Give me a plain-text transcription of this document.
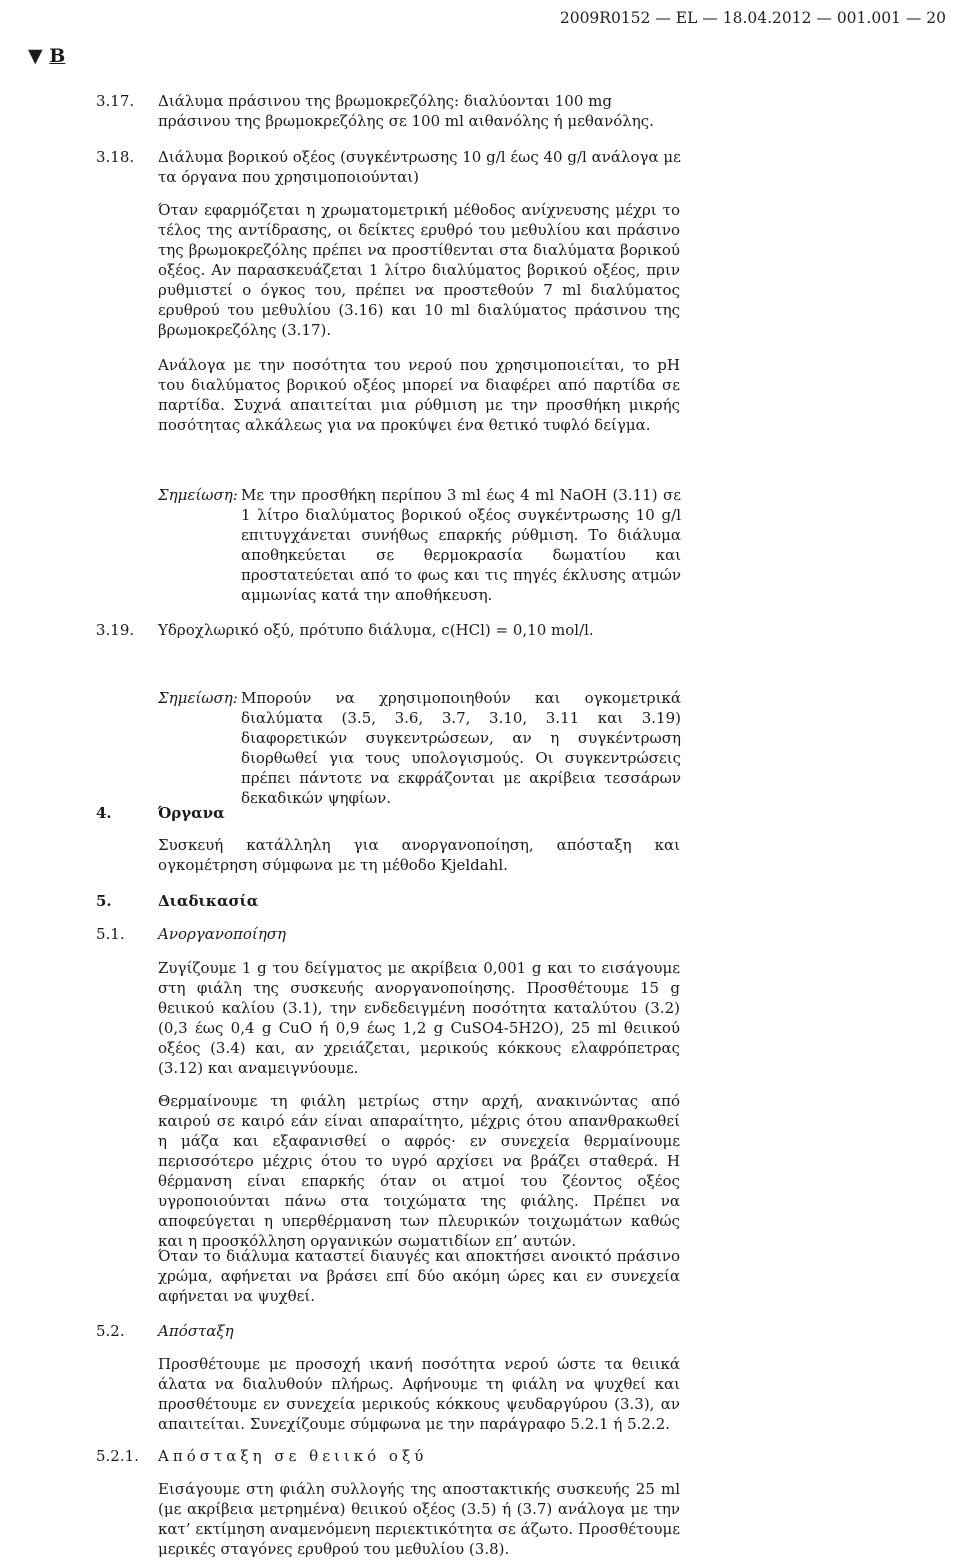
2009R0152 — EL — 18.04.2012 — 001.001 — 20
▼ B
3.17. Διάλυμα πράσινου της βρωμοκρεζόλης: διαλύονται 100 mg πράσινου της βρωμοκρεζόλης σε 100 ml αιθανόλης ή μεθανόλης.
3.18. Διάλυμα βορικού οξέος (συγκέντρωσης 10 g/l έως 40 g/l ανάλογα με τα όργανα που χρησιμοποιούνται)
Όταν εφαρμόζεται η χρωματομετρική μέθοδος ανίχνευσης μέχρι το τέλος της αντίδρασης, οι δείκτες ερυθρό του μεθυλίου και πράσινο της βρωμοκρεζόλης πρέπει να προστίθενται στα διαλύματα βορικού οξέος. Αν παρασκευάζεται 1 λίτρο διαλύματος βορικού οξέος, πριν ρυθμιστεί ο όγκος του, πρέπει να προστεθούν 7 ml διαλύματος ερυθρού του μεθυλίου (3.16) και 10 ml διαλύματος πράσινου της βρωμοκρεζόλης (3.17).
Ανάλογα με την ποσότητα του νερού που χρησιμοποιείται, το pH του διαλύματος βορικού οξέος μπορεί να διαφέρει από παρτίδα σε παρτίδα. Συχνά απαιτείται μια ρύθμιση με την προσθήκη μικρής ποσότητας αλκάλεως για να προκύψει ένα θετικό τυφλό δείγμα.
Σημείωση: Με την προσθήκη περίπου 3 ml έως 4 ml NaOH (3.11) σε 1 λίτρο διαλύματος βορικού οξέος συγκέντρωσης 10 g/l επιτυγχάνεται συνήθως επαρκής ρύθμιση. Το διάλυμα αποθηκεύεται σε θερμοκρασία δωματίου και προστατεύεται από το φως και τις πηγές έκλυσης ατμών αμμωνίας κατά την αποθήκευση.
3.19. Υδροχλωρικό οξύ, πρότυπο διάλυμα, c(HCl) = 0,10 mol/l.
Σημείωση: Μπορούν να χρησιμοποιηθούν και ογκομετρικά διαλύματα (3.5, 3.6, 3.7, 3.10, 3.11 και 3.19) διαφορετικών συγκεντρώσεων, αν η συγκέντρωση διορθωθεί για τους υπολογισμούς. Οι συγκεντρώσεις πρέπει πάντοτε να εκφράζονται με ακρίβεια τεσσάρων δεκαδικών ψηφίων.
4.	Όργανα
Συσκευή κατάλληλη για ανοργανοποίηση, απόσταξη και ογκομέτρηση σύμφωνα με τη μέθοδο Kjeldahl.
5.	Διαδικασία
5.1. Ανοργανοποίηση
Ζυγίζουμε 1 g του δείγματος με ακρίβεια 0,001 g και το εισάγουμε στη φιάλη της συσκευής ανοργανοποίησης. Προσθέτουμε 15 g θειικού καλίου (3.1), την ενδεδειγμένη ποσότητα καταλύτου (3.2) (0,3 έως 0,4 g CuO ή 0,9 έως 1,2 g CuSO4-5H2O), 25 ml θειικού οξέος (3.4) και, αν χρειάζεται, μερικούς κόκκους ελαφρόπετρας (3.12) και αναμειγνύουμε.
Θερμαίνουμε τη φιάλη μετρίως στην αρχή, ανακινώντας από καιρού σε καιρό εάν είναι απαραίτητο, μέχρις ότου απανθρακωθεί η μάζα και εξαφανισθεί ο αφρός· εν συνεχεία θερμαίνουμε περισσότερο μέχρις ότου το υγρό αρχίσει να βράζει σταθερά. Η θέρμανση είναι επαρκής όταν οι ατμοί του ζέοντος οξέος υγροποιούνται πάνω στα τοιχώματα της φιάλης. Πρέπει να αποφεύγεται η υπερθέρμανση των πλευρικών τοιχωμάτων καθώς και η προσκόλληση οργανικών σωματιδίων επ’ αυτών.
Όταν το διάλυμα καταστεί διαυγές και αποκτήσει ανοικτό πράσινο χρώμα, αφήνεται να βράσει επί δύο ακόμη ώρες και εν συνεχεία αφήνεται να ψυχθεί.
5.2. Απόσταξη
Προσθέτουμε με προσοχή ικανή ποσότητα νερού ώστε τα θειικά άλατα να διαλυθούν πλήρως. Αφήνουμε τη φιάλη να ψυχθεί και προσθέτουμε εν συνεχεία μερικούς κόκκους ψευδαργύρου (3.3), αν απαιτείται. Συνεχίζουμε σύμφωνα με την παράγραφο 5.2.1 ή 5.2.2.
5.2.1. Απόσταξη σε θειικό οξύ
Εισάγουμε στη φιάλη συλλογής της αποστακτικής συσκευής 25 ml (με ακρίβεια μετρημένα) θειικού οξέος (3.5) ή (3.7) ανάλογα με την κατ’ εκτίμηση αναμενόμενη περιεκτικότητα σε άζωτο. Προσθέτουμε μερικές σταγόνες ερυθρού του μεθυλίου (3.8).
